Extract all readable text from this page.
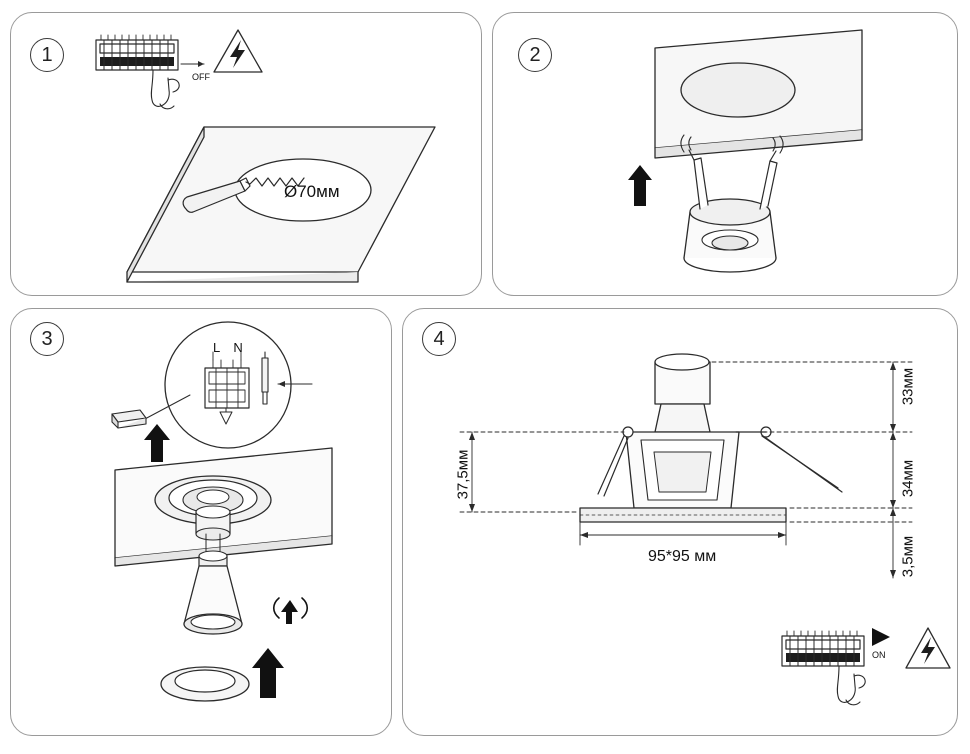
1	2
3	4
Ø70мм
OFF
ON
L N
95*95 мм
33мм
34мм
3,5мм
37,5мм
